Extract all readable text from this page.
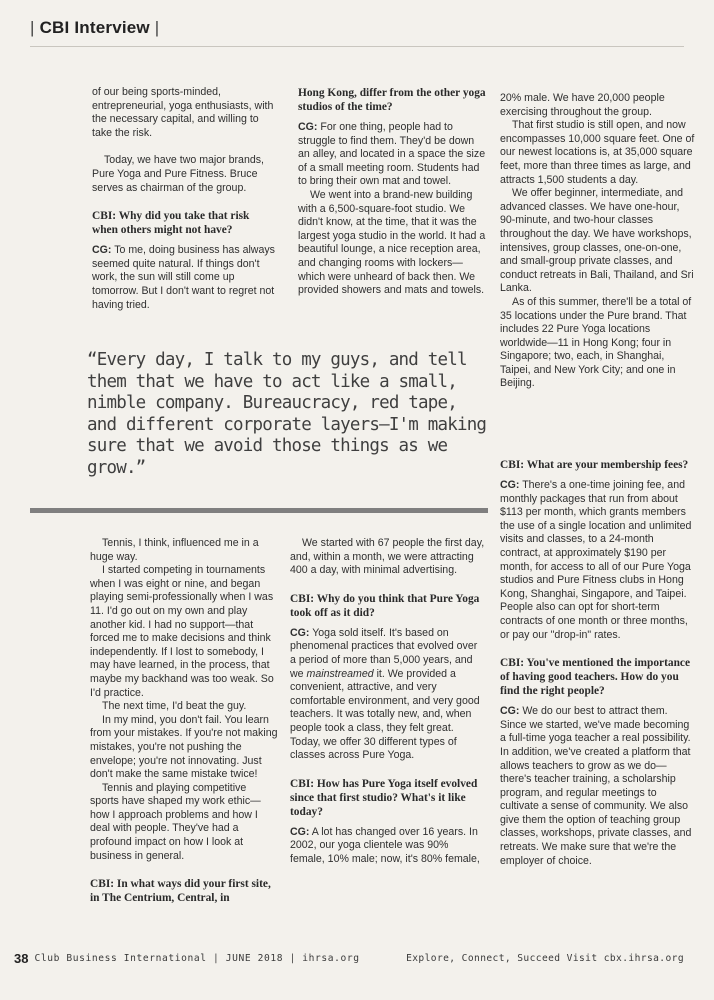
| CBI Interview |

of our being sports-minded, entrepreneurial, yoga enthusiasts, with the necessary capital, and willing to take the risk.

Today, we have two major brands, Pure Yoga and Pure Fitness. Bruce serves as chairman of the group.

CBI: Why did you take that risk when others might not have?

CG: To me, doing business has always seemed quite natural. If things don't work, the sun will still come up tomorrow. But I don't want to regret not having tried.

Hong Kong, differ from the other yoga studios of the time?

CG: For one thing, people had to struggle to find them. They'd be down an alley, and located in a space the size of a small meeting room. Students had to bring their own mat and towel.

We went into a brand-new building with a 6,500-square-foot studio. We didn't know, at the time, that it was the largest yoga studio in the world. It had a beautiful lounge, a nice reception area, and changing rooms with lockers—which were unheard of back then. We provided showers and mats and towels.

20% male. We have 20,000 people exercising throughout the group.

That first studio is still open, and now encompasses 10,000 square feet. One of our newest locations is, at 35,000 square feet, more than three times as large, and attracts 1,500 students a day.

We offer beginner, intermediate, and advanced classes. We have one-hour, 90-minute, and two-hour classes throughout the day. We have workshops, intensives, group classes, one-on-one, and small-group private classes, and conduct retreats in Bali, Thailand, and Sri Lanka.

As of this summer, there'll be a total of 35 locations under the Pure brand. That includes 22 Pure Yoga locations worldwide—11 in Hong Kong; four in Singapore; two, each, in Shanghai, Taipei, and New York City; and one in Beijing.

“Every day, I talk to my guys, and tell them that we have to act like a small, nimble company. Bureaucracy, red tape, and different corporate layers—I'm making sure that we avoid those things as we grow.”

Tennis, I think, influenced me in a huge way.

I started competing in tournaments when I was eight or nine, and began playing semi-professionally when I was 11. I'd go out on my own and play another kid. I had no support—that forced me to make decisions and think independently. If I lost to somebody, I may have learned, in the process, that maybe my backhand was too weak. So I'd practice.

The next time, I'd beat the guy.

In my mind, you don't fail. You learn from your mistakes. If you're not making mistakes, you're not pushing the envelope; you're not innovating. Just don't make the same mistake twice!

Tennis and playing competitive sports have shaped my work ethic—how I approach problems and how I deal with people. They've had a profound impact on how I look at business in general.

CBI: In what ways did your first site, in The Centrium, Central, in

We started with 67 people the first day, and, within a month, we were attracting 400 a day, with minimal advertising.

CBI: Why do you think that Pure Yoga took off as it did?

CG: Yoga sold itself. It's based on phenomenal practices that evolved over a period of more than 5,000 years, and we mainstreamed it. We provided a convenient, attractive, and very comfortable environment, and very good teachers. It was totally new, and, when people took a class, they felt great. Today, we offer 30 different types of classes across Pure Yoga.

CBI: How has Pure Yoga itself evolved since that first studio? What's it like today?

CG: A lot has changed over 16 years. In 2002, our yoga clientele was 90% female, 10% male; now, it's 80% female,

CBI: What are your membership fees?

CG: There's a one-time joining fee, and monthly packages that run from about $113 per month, which grants members the use of a single location and unlimited visits and classes, to a 24-month contract, at approximately $190 per month, for access to all of our Pure Yoga studios and Pure Fitness clubs in Hong Kong, Shanghai, Singapore, and Taipei. People also can opt for short-term contracts of one month or three months, or pay our "drop-in" rates.

CBI: You've mentioned the importance of having good teachers. How do you find the right people?

CG: We do our best to attract them. Since we started, we've made becoming a full-time yoga teacher a real possibility. In addition, we've created a platform that allows teachers to grow as we do—there's teacher training, a scholarship program, and regular meetings to cultivate a sense of community. We also give them the option of teaching group classes, workshops, private classes, and retreats. We make sure that we're the employer of choice.

38 Club Business International | JUNE 2018 | ihrsa.org	Explore, Connect, Succeed Visit cbx.ihrsa.org
